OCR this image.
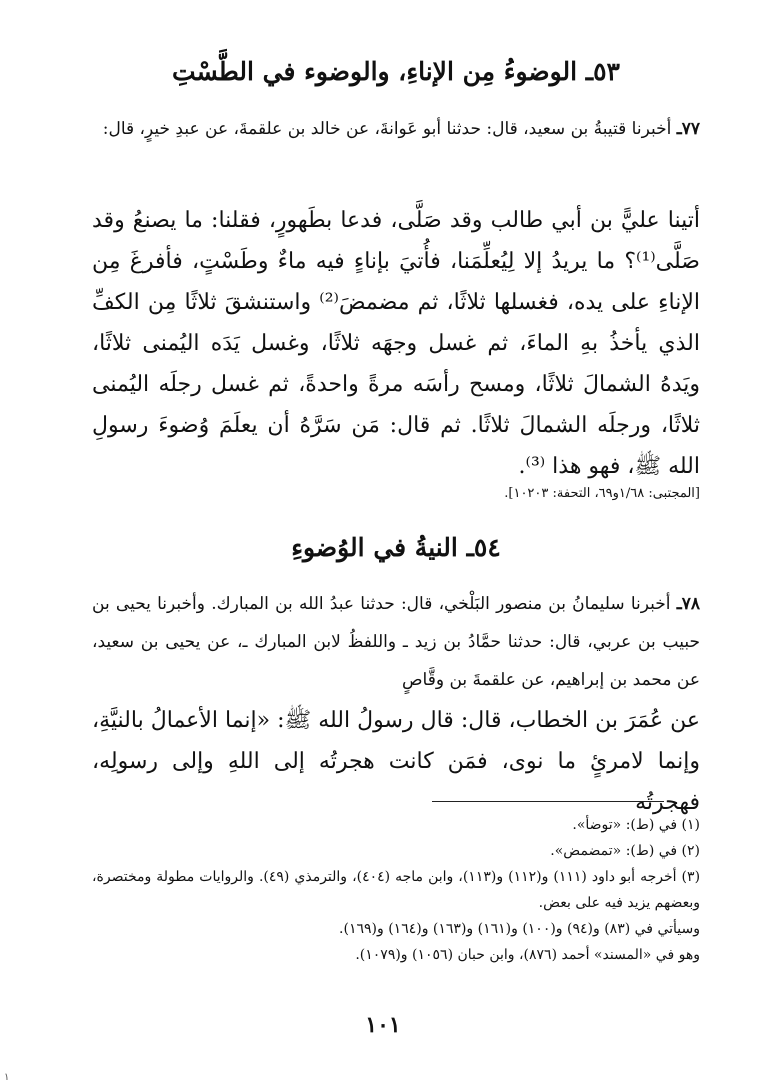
٥٣ـ الوضوءُ مِن الإناءِ، والوضوء في الطَّسْتِ
٧٧ـ أخبرنا قتيبةُ بن سعيد، قال: حدثنا أبو عَوانةَ، عن خالد بن علقمةَ، عن عبدِ خيرٍ، قال:
أتينا عليًّ بن أبي طالب وقد صَلَّى، فدعا بطَهورٍ، فقلنا: ما يصنعُ وقد صَلَّى⁽¹⁾؟ ما يريدُ إلا لِيُعلِّمَنا، فأُتيَ بإناءٍ فيه ماءٌ وطَسْتٍ، فأفرغَ مِن الإناءِ على يده، فغسلها ثلاثًا، ثم مضمضَ⁽²⁾ واستنشقَ ثلاثًا مِن الكفِّ الذي يأخذُ بهِ الماءَ، ثم غسل وجهَه ثلاثًا، وغسل يَدَه اليُمنى ثلاثًا، ويَدهُ الشمالَ ثلاثًا، ومسح رأسَه مرةً واحدةً، ثم غسل رجلَه اليُمنى ثلاثًا، ورجلَه الشمالَ ثلاثًا. ثم قال: مَن سَرَّهُ أن يعلَمَ وُضوءَ رسولِ الله ﷺ، فهو هذا ⁽³⁾.
[المجتبى: ١/٦٨و٦٩، التحفة: ١٠٢٠٣].
٥٤ـ النيةُ في الوُضوءِ
٧٨ـ أخبرنا سليمانُ بن منصور البَلْخي، قال: حدثنا عبدُ الله بن المبارك. وأخبرنا يحيى بن حبيب بن عربي، قال: حدثنا حمَّادُ بن زيد ـ واللفظُ لابن المبارك ـ، عن يحيى بن سعيد، عن محمد بن إبراهيم، عن علقمةَ بن وقَّاصٍ
عن عُمَرَ بن الخطاب، قال: قال رسولُ الله ﷺ: «إنما الأعمالُ بالنيَّةِ، وإنما لامرئٍ ما نوى، فمَن كانت هجرتُه إلى اللهِ وإلى رسولِه، فهجرتُه
(١) في (ط): «توضأ».
(٢) في (ط): «تمضمض».
(٣) أخرجه أبو داود (١١١) و(١١٢) و(١١٣)، وابن ماجه (٤٠٤)، والترمذي (٤٩). والروايات مطولة ومختصرة، وبعضهم يزيد فيه على بعض.
وسيأتي في (٨٣) و(٩٤) و(١٠٠) و(١٦١) و(١٦٣) و(١٦٤) و(١٦٩).
وهو في «المسند» أحمد (٨٧٦)، وابن حبان (١٠٥٦) و(١٠٧٩).
١٠١
١
